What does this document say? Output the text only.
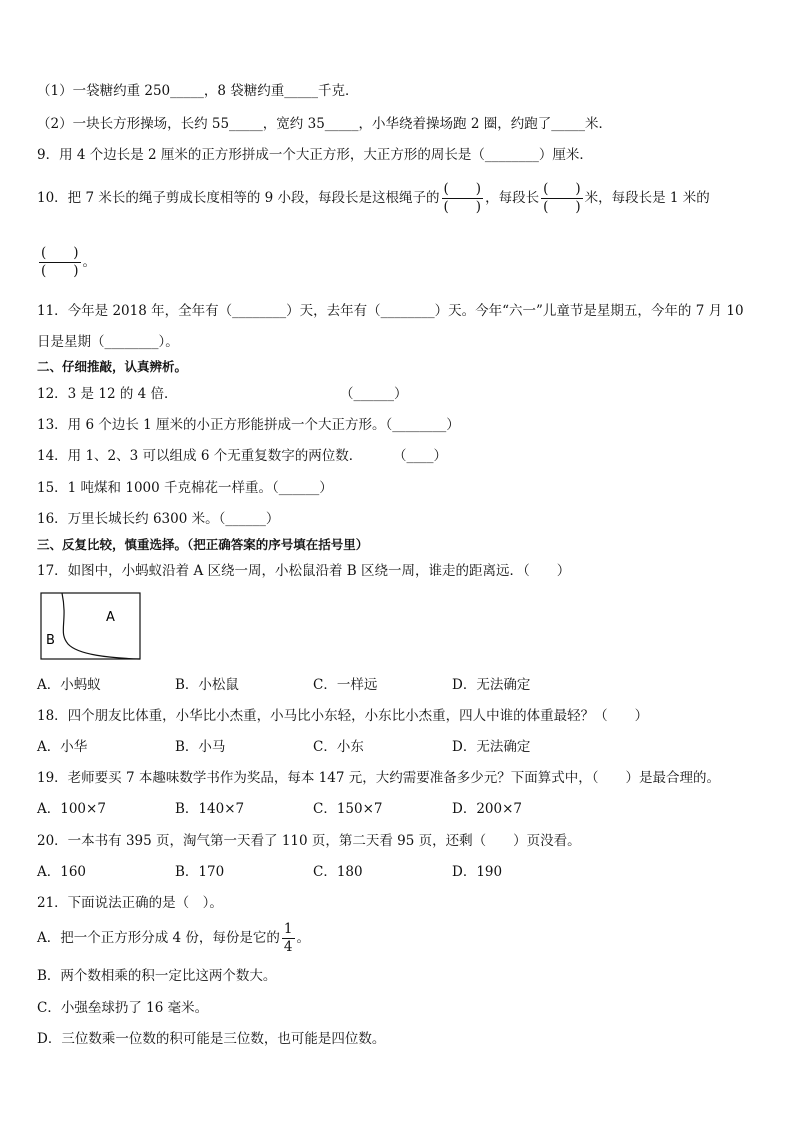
（1）一袋糖约重 250_____，8 袋糖约重_____千克．
（2）一块长方形操场，长约 55_____，宽约 35_____，小华绕着操场跑 2 圈，约跑了_____米．
9．用 4 个边长是 2 厘米的正方形拼成一个大正方形，大正方形的周长是（________）厘米．
10．把 7 米长的绳子剪成长度相等的 9 小段，每段长是这根绳子的 $\frac{( )}{( )}$ ，每段长 $\frac{( )}{( )}$ 米，每段长是 1 米的
$\frac{( )}{( )}$ 。
11．今年是 2018 年，全年有（________）天，去年有（________）天。今年“六一”儿童节是星期五，今年的 7 月 10
日是星期（________）。
二、仔细推敲，认真辨析。
12．3 是 12 的 4 倍．	（______）
13．用 6 个边长 1 厘米的小正方形能拼成一个大正方形。（________）
14．用 1、2、3 可以组成 6 个无重复数字的两位数． （____）
15．1 吨煤和 1000 千克棉花一样重。（______）
16．万里长城长约 6300 米。（______）
三、反复比较，慎重选择。（把正确答案的序号填在括号里）
17．如图中，小蚂蚁沿着 A 区绕一周，小松鼠沿着 B 区绕一周，谁走的距离远．（　　）
A
B
A．小蚂蚁	B．小松鼠	C．一样远	D．无法确定
18．四个朋友比体重，小华比小杰重，小马比小东轻，小东比小杰重，四人中谁的体重最轻？（　　）
A．小华	B．小马	C．小东	D．无法确定
19．老师要买 7 本趣味数学书作为奖品，每本 147 元，大约需要准备多少元？下面算式中，（　　）是最合理的。
A．100×7	B．140×7	C．150×7	D．200×7
20．一本书有 395 页，淘气第一天看了 110 页，第二天看 95 页，还剩（　　）页没看。
A．160	B．170	C．180	D．190
21．下面说法正确的是（　）。
A．把一个正方形分成 4 份，每份是它的 $\frac{1}{4}$ 。
B．两个数相乘的积一定比这两个数大。
C．小强垒球扔了 16 毫米。
D．三位数乘一位数的积可能是三位数，也可能是四位数。
